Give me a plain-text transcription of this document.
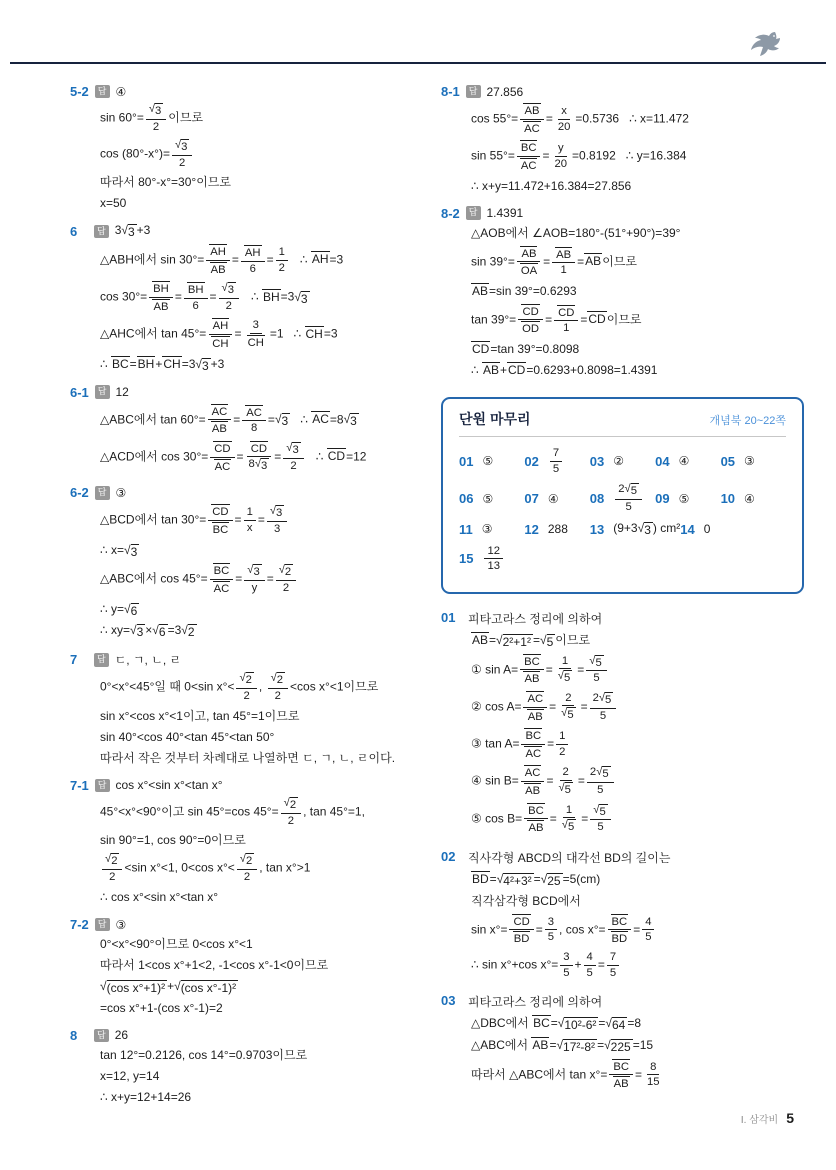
5-2	답 ④
$\sin 60^\circ= \frac{√ 3}{2}$ 이므로
$\cos (80^\circ-x^\circ)= \frac{√ 3}{2}$
따라서 80°-x°=30°이므로
x=50
6	답 3 √ 3 +3
△ABH에서 $\sin 30^\circ= \frac{AH}{AB} = \frac{AH}{6} = \frac{1}{2}$ ∴ AH=3
$\cos 30^\circ= \frac{BH}{AB} = \frac{BH}{6} = \frac{√ 3}{2}$ ∴ BH=3 √ 3
△AHC에서 $\tan 45^\circ= \frac{AH}{CH} = \frac{3}{CH} =1$   ∴ CH=3
∴ BC=BH+CH=3 √ 3 +3
6-1	답 12
△ABC에서 $\tan 60^\circ= \frac{AC}{AB} = \frac{AC}{8}$ = √ 3 ∴ AC=8 √ 3
△ACD에서 $\cos 30^\circ= \frac{CD}{AC} = \frac{CD}{8 √ 3} = \frac{√ 3}{2}$ ∴ CD=12
6-2	답 ③
△BCD에서 $\tan 30^\circ= \frac{CD}{BC} = \frac{1}{x} = \frac{√ 3}{3}$
∴ x= √ 3
△ABC에서 $\cos 45^\circ= \frac{BC}{AC} = \frac{√ 3}{y} = \frac{√ 2}{2}$
∴ y= √ 6
∴ xy= √ 3 × √ 6 =3 √ 2
7	답 ㄷ, ㄱ, ㄴ, ㄹ
0°<x°<45°일 때 0<sin $x^\circ< \frac{√ 2}{2}$ , $\frac{√ 2}{2} <\cos$ x°<1이므로
sin x°<cos x°<1이고, tan 45°=1이므로
sin 40°<cos 40°<tan 45°<tan 50°
따라서 작은 것부터 차례대로 나열하면 ㄷ, ㄱ, ㄴ, ㄹ이다.
7-1	답 cos x°<sin x°<tan x°
45°<x°<90°이고 sin 45°=cos $45^\circ= \frac{√ 2}{2}$ , tan 45°=1,
sin 90°=1, cos 90°=0이므로
$\frac{√ 2}{2} <\sin$ x°<1, 0<cos $x^\circ< \frac{√ 2}{2}$ , tan x°>1
∴ cos x°<sin x°<tan x°
7-2	답 ③
0°<x°<90°이므로 0<cos x°<1
따라서 1<cos x°+1<2, -1<cos x°-1<0이므로
√ (cos x°+1)² + √ (cos x°-1)²
=cos x°+1-(cos x°-1)=2
8	답 26
tan 12°=0.2126, cos 14°=0.9703이므로
x=12, y=14
∴ x+y=12+14=26
8-1	답 27.856
$\cos 55^\circ= \frac{AB}{AC} = \frac{x}{20} =0.5736$   ∴ x=11.472
$\sin 55^\circ= \frac{BC}{AC} = \frac{y}{20} =0.8192$   ∴ y=16.384
∴ x+y=11.472+16.384=27.856
8-2	답 1.4391
△AOB에서 ∠AOB=180°-(51°+90°)=39°
$\sin 39^\circ= \frac{AB}{OA} = \frac{AB}{1} =AB$이므로
AB=sin 39°=0.6293
$\tan 39^\circ= \frac{CD}{OD} = \frac{CD}{1} =CD$이므로
CD=tan 39°=0.8098
∴ AB+CD=0.6293+0.8098=1.4391
단원 마무리	개념북 20~22쪽
01 ⑤ $02 \frac{7}{5} 03$ ② 04 ④ 05 ③
06 ⑤ 07 ④ $08 \frac{2 √ 5}{5} 09$ ⑤ 10 ④
11 ③ 12 288 13 (9+3 √ 3 ) cm² 14 0
$15 \frac{12}{13}$
01 피타고라스 정리에 의하여
AB= √ 2²+1² = √ 5 이므로
① $\sin A= \frac{BC}{AB} = \frac{1}{√ 5} = \frac{√ 5}{5}$
② $\cos A= \frac{AC}{AB} = \frac{2}{√ 5} = \frac{2 √ 5}{5}$
③ $\tan A= \frac{BC}{AC} = \frac{1}{2}$
④ $\sin B= \frac{AC}{AB} = \frac{2}{√ 5} = \frac{2 √ 5}{5}$
⑤ $\cos B= \frac{BC}{AB} = \frac{1}{√ 5} = \frac{√ 5}{5}$
02 직사각형 ABCD의 대각선 BD의 길이는
BD= √ 4²+3² = √ 25 =5(cm)
직각삼각형 BCD에서
$\sin x^\circ= \frac{CD}{BD} = \frac{3}{5}$ , $\cos x^\circ= \frac{BC}{BD} = \frac{4}{5}$
∴ sin x°+cos $x^\circ= \frac{3}{5} + \frac{4}{5} = \frac{7}{5}$
03 피타고라스 정리에 의하여
△DBC에서 BC= √ 10²-6² = √ 64 =8
△ABC에서 AB= √ 17²-8² = √ 225 =15
따라서 △ABC에서 $\tan x^\circ= \frac{BC}{AB} = \frac{8}{15}$
Ⅰ. 삼각비 5
